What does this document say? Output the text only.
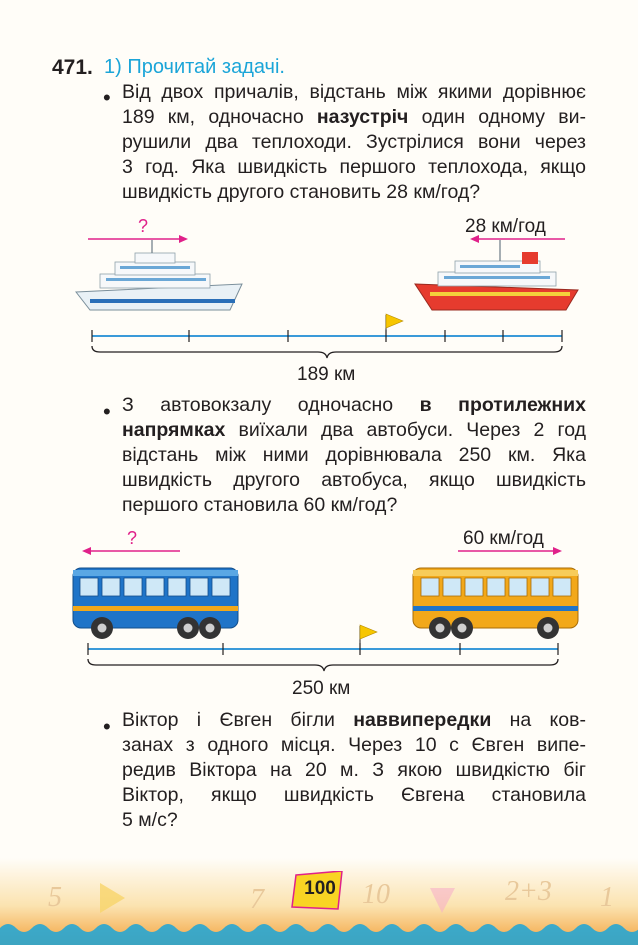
471. 1) Прочитай задачі.
• Від двох причалів, відстань між якими дорівнює
189 км, одночасно назустріч один одному ви-
рушили два теплоходи. Зустрілися вони через
3 год. Яка швидкість першого теплохода, якщо
швидкість другого становить 28 км/год?
?	28 км/год
189 км
• З автовокзалу одночасно в протилежних
напрямках виїхали два автобуси. Через 2 год
відстань між ними дорівнювала 250 км. Яка
швидкість другого автобуса, якщо швидкість
першого становила 60 км/год?
?	60 км/год
250 км
• Віктор і Євген бігли наввипередки на ков-
занах з одного місця. Через 10 с Євген випе-
редив Віктора на 20 м. З якою швидкістю біг
Віктор, якщо швидкість Євгена становила
5 м/с?
5	7	10	2+3 1
100
